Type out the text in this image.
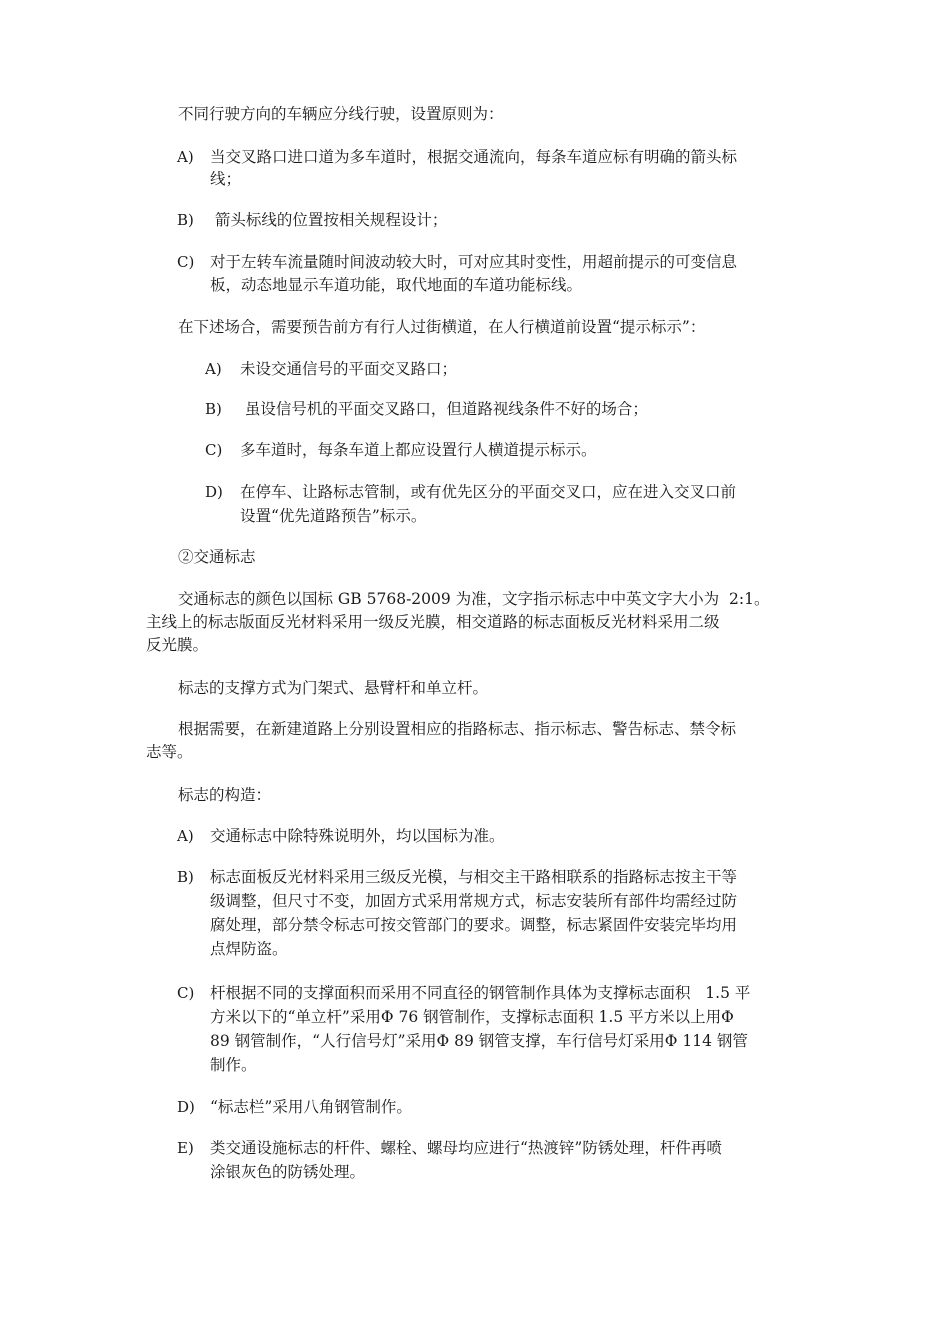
不同行驶方向的车辆应分线行驶，设置原则为：
A) 当交叉路口进口道为多车道时，根据交通流向，每条车道应标有明确的箭头标
线；
B) 箭头标线的位置按相关规程设计；
C) 对于左转车流量随时间波动较大时，可对应其时变性，用超前提示的可变信息
板，动态地显示车道功能，取代地面的车道功能标线。
在下述场合，需要预告前方有行人过街横道，在人行横道前设置“提示标示”：
A) 未设交通信号的平面交叉路口；
B) 虽设信号机的平面交叉路口，但道路视线条件不好的场合；
C) 多车道时，每条车道上都应设置行人横道提示标示。
D) 在停车、让路标志管制，或有优先区分的平面交叉口，应在进入交叉口前
设置“优先道路预告”标示。
②交通标志
交通标志的颜色以国标 GB 5768-2009 为准，文字指示标志中中英文字大小为  2:1。
主线上的标志版面反光材料采用一级反光膜，相交道路的标志面板反光材料采用二级
反光膜。
标志的支撑方式为门架式、悬臂杆和单立杆。
根据需要，在新建道路上分别设置相应的指路标志、指示标志、警告标志、禁令标
志等。
标志的构造：
A) 交通标志中除特殊说明外，均以国标为准。
B) 标志面板反光材料采用三级反光模，与相交主干路相联系的指路标志按主干等
级调整，但尺寸不变，加固方式采用常规方式，标志安装所有部件均需经过防
腐处理，部分禁令标志可按交管部门的要求。调整，标志紧固件安装完毕均用
点焊防盗。
C) 杆根据不同的支撑面积而采用不同直径的钢管制作具体为支撑标志面积   1.5 平
方米以下的“单立杆”采用Φ 76 钢管制作，支撑标志面积 1.5 平方米以上用Φ
89 钢管制作，“人行信号灯”采用Φ 89 钢管支撑，车行信号灯采用Φ 114 钢管
制作。
D) “标志栏”采用八角钢管制作。
E) 类交通设施标志的杆件、螺栓、螺母均应进行“热渡锌”防锈处理，杆件再喷
涂银灰色的防锈处理。
